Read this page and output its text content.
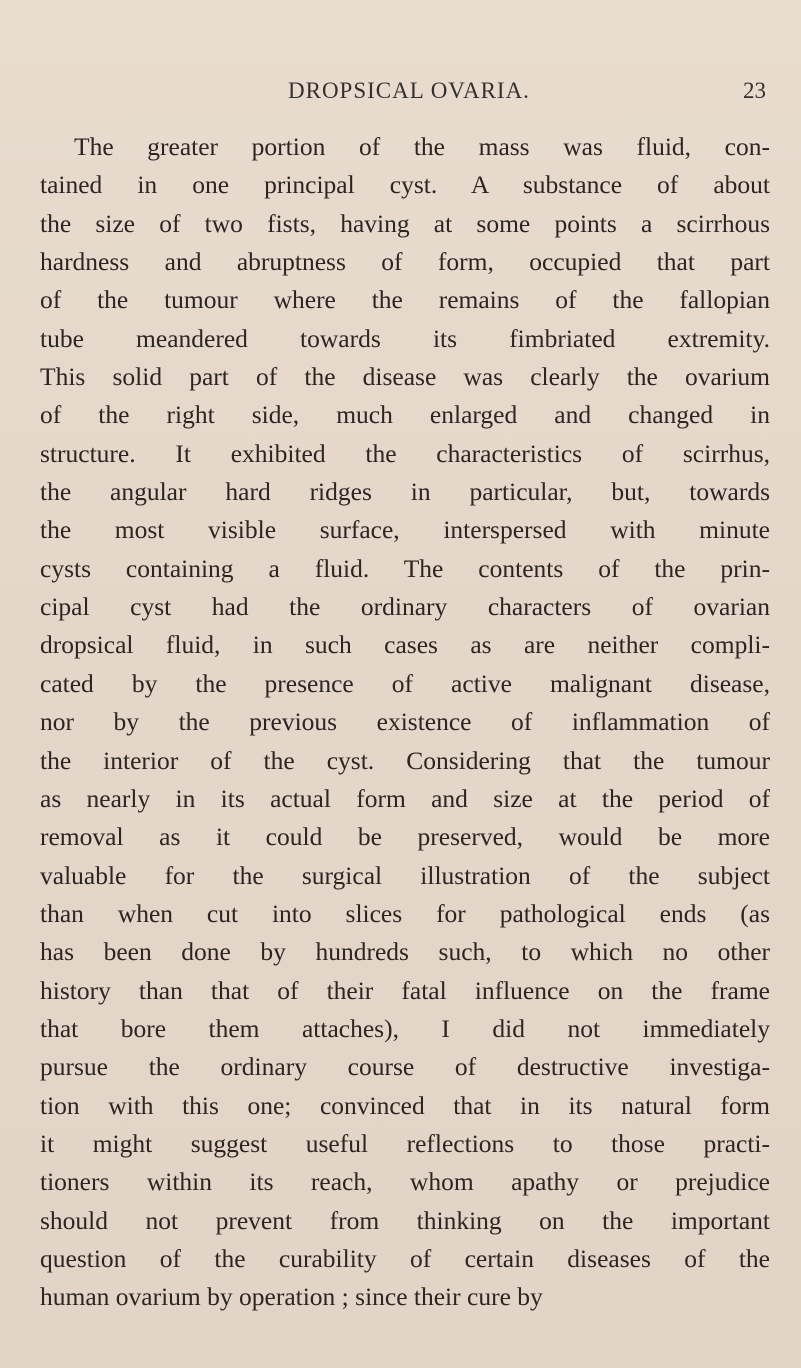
DROPSICAL OVARIA.	23
The greater portion of the mass was fluid, con-
tained in one principal cyst. A substance of about
the size of two fists, having at some points a scirrhous
hardness and abruptness of form, occupied that part
of the tumour where the remains of the fallopian
tube meandered towards its fimbriated extremity.
This solid part of the disease was clearly the ovarium
of the right side, much enlarged and changed in
structure. It exhibited the characteristics of scirrhus,
the angular hard ridges in particular, but, towards
the most visible surface, interspersed with minute
cysts containing a fluid. The contents of the prin-
cipal cyst had the ordinary characters of ovarian
dropsical fluid, in such cases as are neither compli-
cated by the presence of active malignant disease,
nor by the previous existence of inflammation of
the interior of the cyst. Considering that the tumour
as nearly in its actual form and size at the period of
removal as it could be preserved, would be more
valuable for the surgical illustration of the subject
than when cut into slices for pathological ends (as
has been done by hundreds such, to which no other
history than that of their fatal influence on the frame
that bore them attaches), I did not immediately
pursue the ordinary course of destructive investiga-
tion with this one; convinced that in its natural form
it might suggest useful reflections to those practi-
tioners within its reach, whom apathy or prejudice
should not prevent from thinking on the important
question of the curability of certain diseases of the
human ovarium by operation ; since their cure by
